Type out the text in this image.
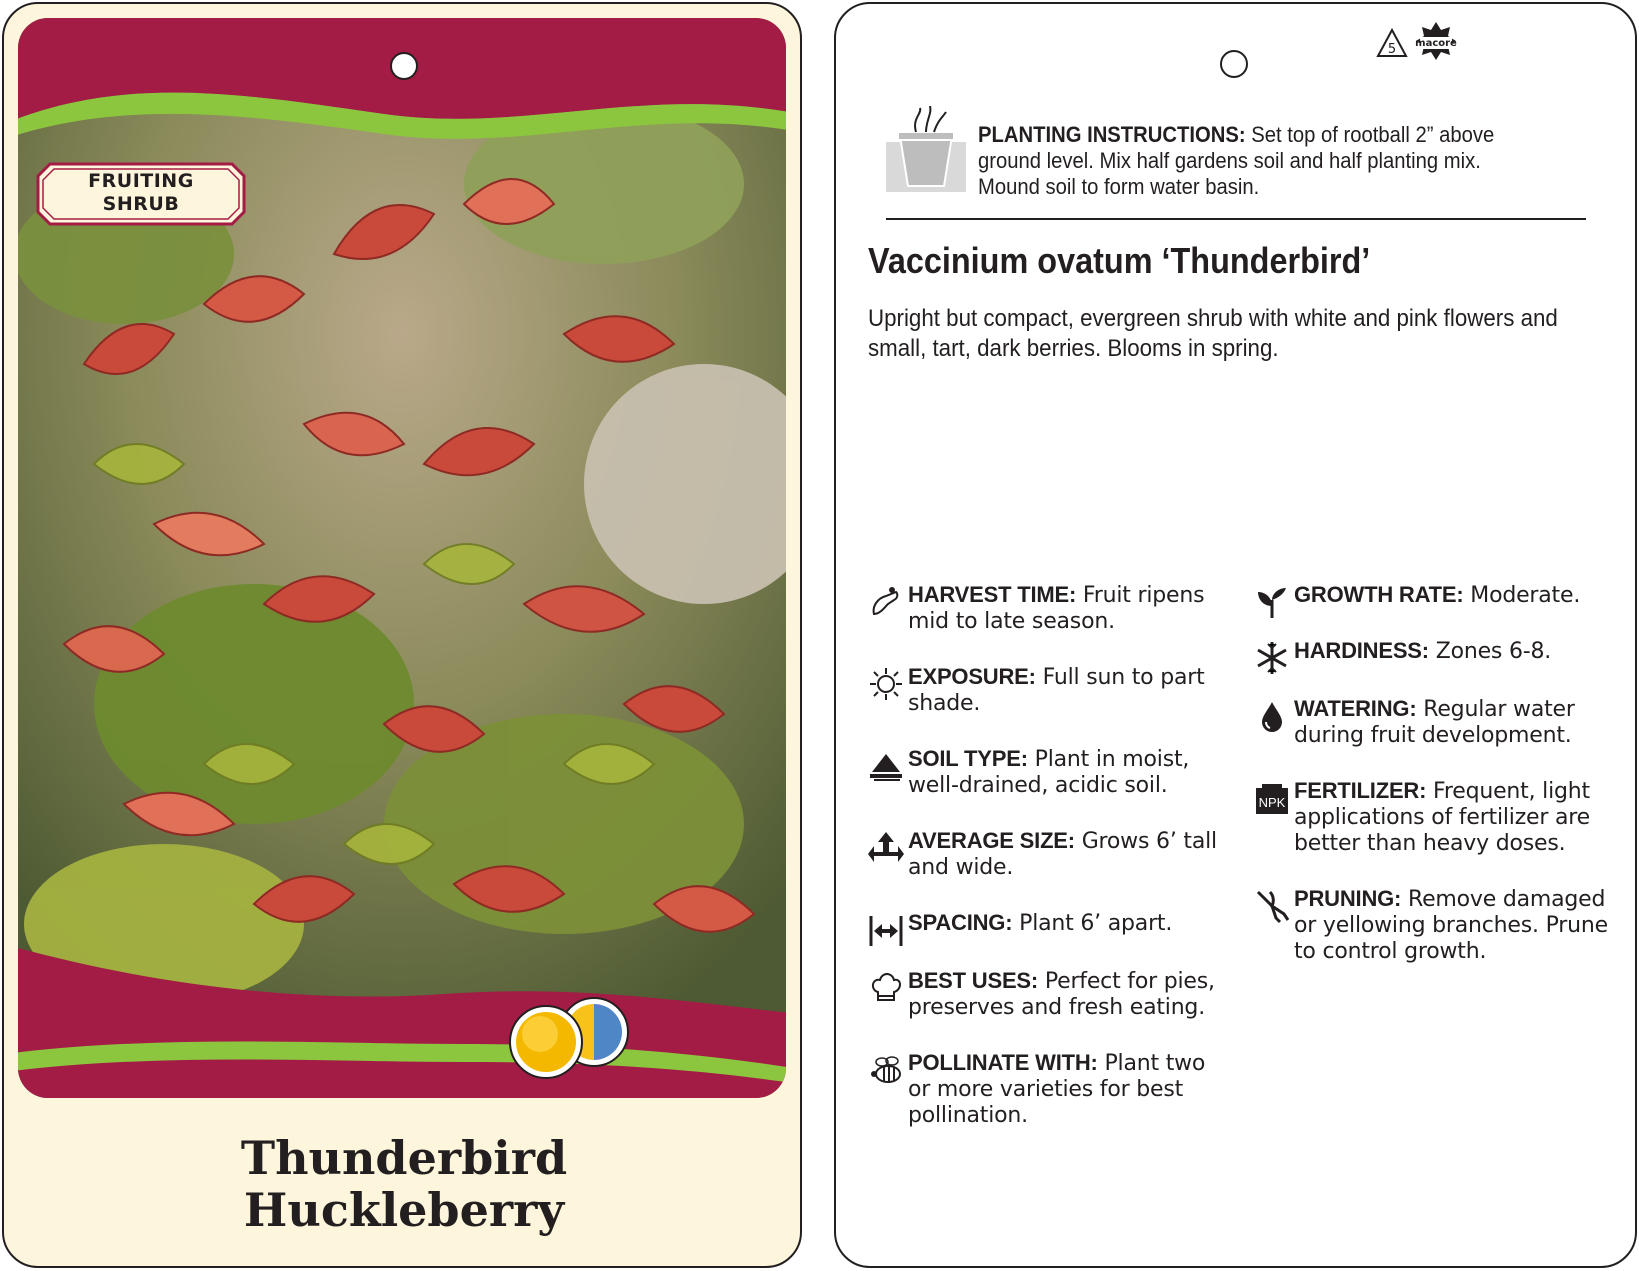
FRUITING
SHRUB
Thunderbird
Huckleberry
5 macore
PLANTING INSTRUCTIONS: Set top of rootball 2” above ground level. Mix half gardens soil and half planting mix. Mound soil to form water basin.
Vaccinium ovatum ‘Thunderbird’
Upright but compact, evergreen shrub with white and pink flowers and small, tart, dark berries. Blooms in spring.
HARVEST TIME: Fruit ripens mid to late season.
EXPOSURE: Full sun to part shade.
SOIL TYPE: Plant in moist, well-drained, acidic soil.
AVERAGE SIZE: Grows 6’ tall and wide.
SPACING: Plant 6’ apart.
BEST USES: Perfect for pies, preserves and fresh eating.
POLLINATE WITH: Plant two or more varieties for best pollination.
GROWTH RATE: Moderate.
HARDINESS: Zones 6-8.
WATERING: Regular water during fruit development.
NPK FERTILIZER: Frequent, light applications of fertilizer are better than heavy doses.
PRUNING: Remove damaged or yellowing branches. Prune to control growth.
